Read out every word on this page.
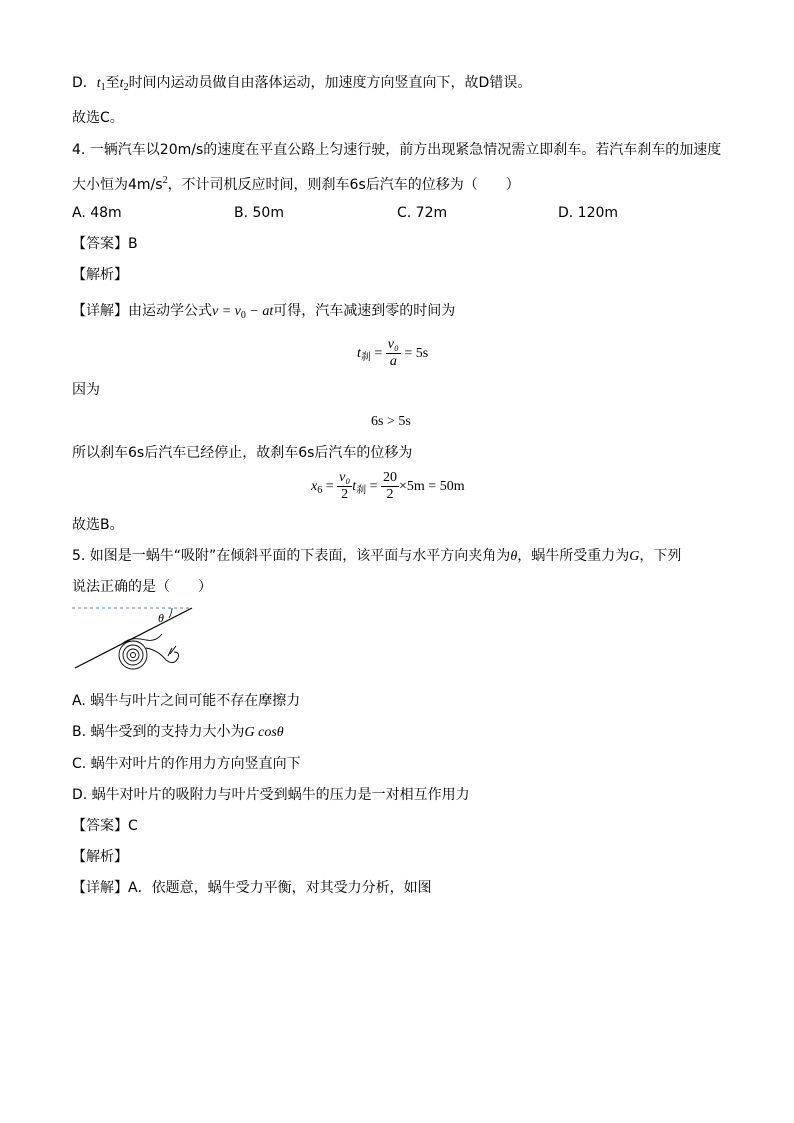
D．$t_1$至$t_2$时间内运动员做自由落体运动，加速度方向竖直向下，故D错误。
故选C。
4. 一辆汽车以20m/s的速度在平直公路上匀速行驶，前方出现紧急情况需立即刹车。若汽车刹车的加速度
大小恒为$4m/s^2$，不计司机反应时间，则刹车6s后汽车的位移为（　　）
A. 48m	B. 50m	C. 72m	D. 120m
【答案】B
【解析】
【详解】由运动学公式$v = v_0$ − at可得，汽车减速到零的时间为
$t_刹 = \frac{\text{v₀}}{a} = 5s$
因为
6s > 5s
所以刹车6s后汽车已经停止，故刹车6s后汽车的位移为
$x_6 = \frac{\text{v₀}}{2} t_刹 = \frac{20}{2} \times 5m = 50m$
故选B。
5. 如图是一蜗牛“吸附”在倾斜平面的下表面，该平面与水平方向夹角为θ，蜗牛所受重力为G，下列
说法正确的是（　　）
θ
A. 蜗牛与叶片之间可能不存在摩擦力
B. 蜗牛受到的支持力大小为G cosθ
C. 蜗牛对叶片的作用力方向竖直向下
D. 蜗牛对叶片的吸附力与叶片受到蜗牛的压力是一对相互作用力
【答案】C
【解析】
【详解】A．依题意，蜗牛受力平衡，对其受力分析，如图
